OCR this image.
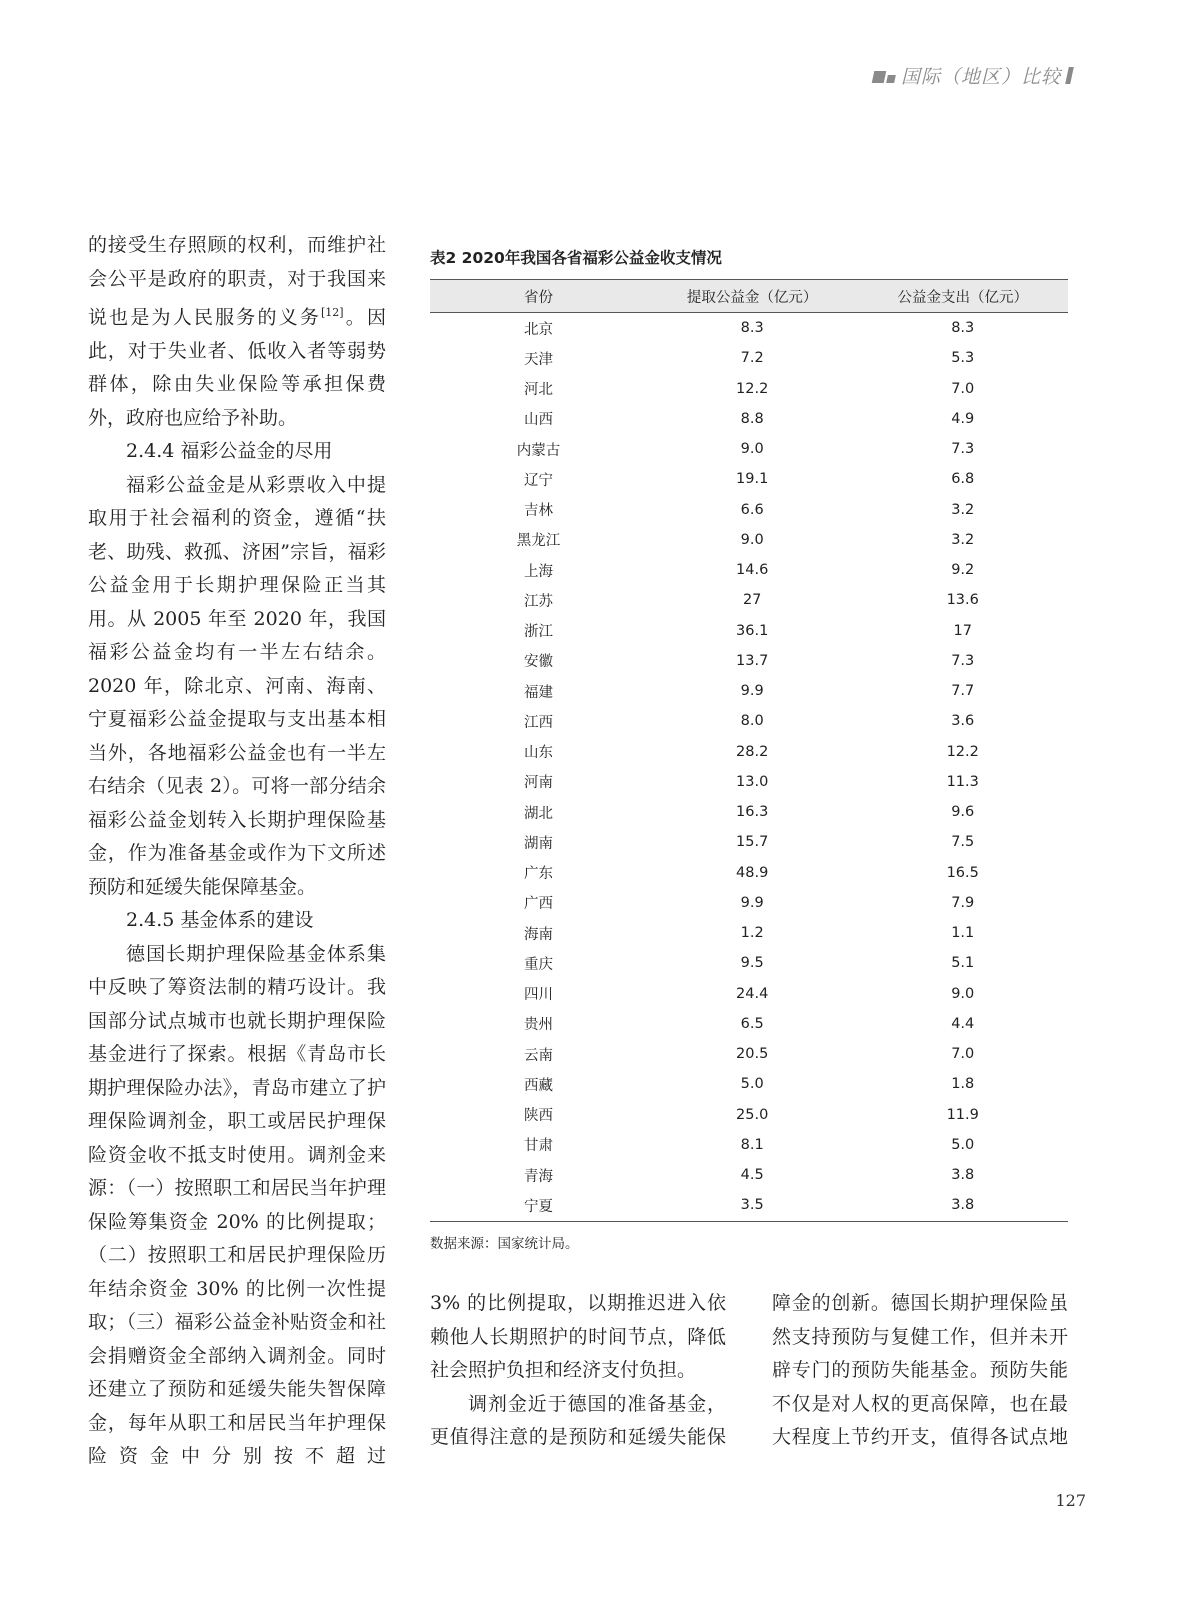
国际（地区）比较

的接受生存照顾的权利，而维护社会公平是政府的职责，对于我国来说也是为人民服务的义务[12]。因此，对于失业者、低收入者等弱势群体，除由失业保险等承担保费外，政府也应给予补助。

2.4.4 福彩公益金的尽用

福彩公益金是从彩票收入中提取用于社会福利的资金，遵循“扶老、助残、救孤、济困”宗旨，福彩公益金用于长期护理保险正当其用。从 2005 年至 2020 年，我国福彩公益金均有一半左右结余。2020 年，除北京、河南、海南、宁夏福彩公益金提取与支出基本相当外，各地福彩公益金也有一半左右结余（见表 2）。可将一部分结余福彩公益金划转入长期护理保险基金，作为准备基金或作为下文所述预防和延缓失能保障基金。

2.4.5 基金体系的建设

德国长期护理保险基金体系集中反映了筹资法制的精巧设计。我国部分试点城市也就长期护理保险基金进行了探索。根据《青岛市长期护理保险办法》，青岛市建立了护理保险调剂金，职工或居民护理保险资金收不抵支时使用。调剂金来源：（一）按照职工和居民当年护理保险筹集资金 20% 的比例提取；（二）按照职工和居民护理保险历年结余资金 30% 的比例一次性提取；（三）福彩公益金补贴资金和社会捐赠资金全部纳入调剂金。同时还建立了预防和延缓失能失智保障金，每年从职工和居民当年护理保险资金中分别按不超过

表2 2020年我国各省福彩公益金收支情况
省份	提取公益金（亿元）	公益金支出（亿元）
北京	8.3	8.3
天津	7.2	5.3
河北	12.2	7.0
山西	8.8	4.9
内蒙古	9.0	7.3
辽宁	19.1	6.8
吉林	6.6	3.2
黑龙江	9.0	3.2
上海	14.6	9.2
江苏	27	13.6
浙江	36.1	17
安徽	13.7	7.3
福建	9.9	7.7
江西	8.0	3.6
山东	28.2	12.2
河南	13.0	11.3
湖北	16.3	9.6
湖南	15.7	7.5
广东	48.9	16.5
广西	9.9	7.9
海南	1.2	1.1
重庆	9.5	5.1
四川	24.4	9.0
贵州	6.5	4.4
云南	20.5	7.0
西藏	5.0	1.8
陕西	25.0	11.9
甘肃	8.1	5.0
青海	4.5	3.8
宁夏	3.5	3.8
数据来源：国家统计局。

3% 的比例提取，以期推迟进入依赖他人长期照护的时间节点，降低社会照护负担和经济支付负担。

调剂金近于德国的准备基金，更值得注意的是预防和延缓失能保

障金的创新。德国长期护理保险虽然支持预防与复健工作，但并未开辟专门的预防失能基金。预防失能不仅是对人权的更高保障，也在最大程度上节约开支，值得各试点地

127
